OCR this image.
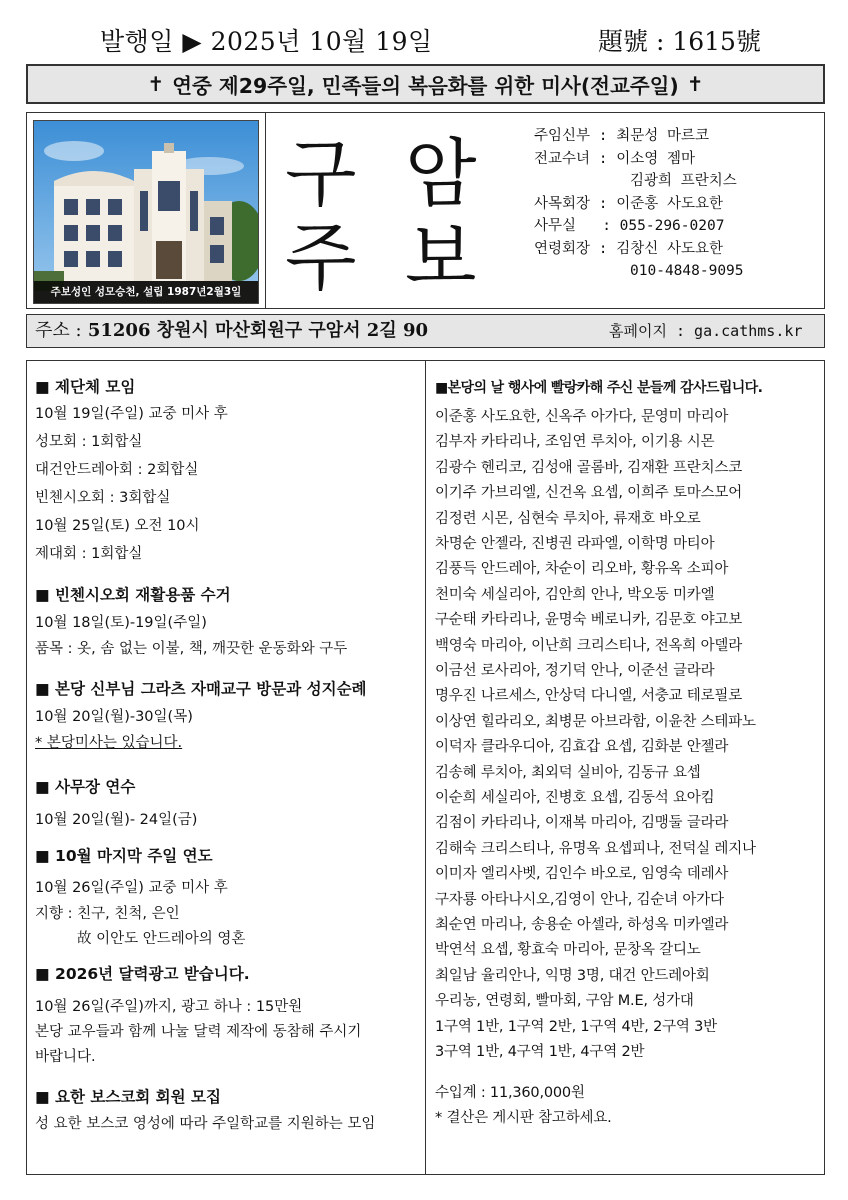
발행일 ▶ 2025년 10월 19일	題號 : 1615號
✝ 연중 제29주일, 민족들의 복음화를 위한 미사(전교주일) ✝
주보성인 성모승천, 설립 1987년2월3일
구 암
주 보
주임신부 : 최문성 마르코
전교수녀 : 이소영 젬마
김광희 프란치스
사목회장 : 이준홍 사도요한
사무실   : 055-296-0207
연령회장 : 김창신 사도요한
010-4848-9095
주소 : 51206 창원시 마산회원구 구암서 2길 90	홈페이지 : ga.cathms.kr
■ 제단체 모임
10월 19일(주일) 교중 미사 후
성모회 : 1회합실
대건안드레아회 : 2회합실
빈첸시오회 : 3회합실
10월 25일(토) 오전 10시
제대회 : 1회합실
■ 빈첸시오회 재활용품 수거
10월 18일(토)-19일(주일)
품목 : 옷, 솜 없는 이불, 책, 깨끗한 운동화와 구두
■ 본당 신부님 그라츠 자매교구 방문과 성지순례
10월 20일(월)-30일(목)
* 본당미사는 있습니다.
■ 사무장 연수
10월 20일(월)- 24일(금)
■ 10월 마지막 주일 연도
10월 26일(주일) 교중 미사 후
지향 : 친구, 친척, 은인
故 이안도 안드레아의 영혼
■ 2026년 달력광고 받습니다.
10월 26일(주일)까지, 광고 하나 : 15만원
본당 교우들과 함께 나눌 달력 제작에 동참해 주시기
바랍니다.
■ 요한 보스코회 회원 모집
성 요한 보스코 영성에 따라 주일학교를 지원하는 모임
■본당의 날 행사에 빨랑카해 주신 분들께 감사드립니다.
이준홍 사도요한, 신옥주 아가다, 문영미 마리아
김부자 카타리나, 조임연 루치아, 이기용 시몬
김광수 헨리코, 김성애 골롬바, 김재환 프란치스코
이기주 가브리엘, 신건옥 요셉, 이희주 토마스모어
김정련 시몬, 심현숙 루치아, 류재호 바오로
차명순 안젤라, 진병권 라파엘, 이학명 마티아
김풍득 안드레아, 차순이 리오바, 황유옥 소피아
천미숙 세실리아, 김안희 안나, 박오동 미카엘
구순태 카타리나, 윤명숙 베로니카, 김문호 야고보
백영숙 마리아, 이난희 크리스티나, 전옥희 아델라
이금선 로사리아, 정기덕 안나, 이준선 글라라
명우진 나르세스, 안상덕 다니엘, 서충교 테로필로
이상연 힐라리오, 최병문 아브라함, 이윤찬 스테파노
이덕자 클라우디아, 김효갑 요셉, 김화분 안젤라
김송혜 루치아, 최외덕 실비아, 김동규 요셉
이순희 세실리아, 진병호 요셉, 김동석 요아킴
김점이 카타리나, 이재복 마리아, 김맹둘 글라라
김해숙 크리스티나, 유명옥 요셉피나, 전덕실 레지나
이미자 엘리사벳, 김인수 바오로, 임영숙 데레사
구자룡 아타나시오,김영이 안나, 김순녀 아가다
최순연 마리나, 송용순 아셀라, 하성옥 미카엘라
박연석 요셉, 황효숙 마리아, 문창옥 갈디노
최일남 율리안나, 익명 3명, 대건 안드레아회
우리농, 연령회, 빨마회, 구암 M.E, 성가대
1구역 1반, 1구역 2반, 1구역 4반, 2구역 3반
3구역 1반, 4구역 1반, 4구역 2반
수입계 : 11,360,000원
* 결산은 게시판 참고하세요.
